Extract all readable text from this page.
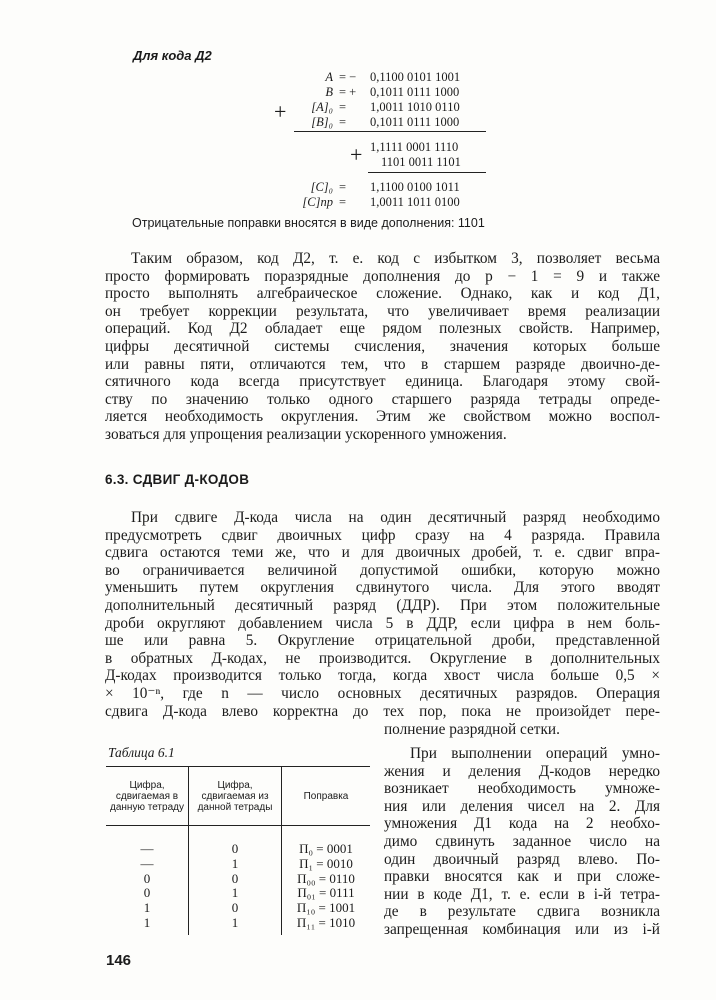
Для кода Д2
A = −	0,1100 0101 1001
B = +	0,1011 0111 1000
[A]₀ =	1,0011 1010 0110
[B]₀ =	0,1011 0111 1000
+
+ 1,1111 0001 1110
1101 0011 1101
[C]₀ =	1,1100 0100 1011
[C]пр =	1,0011 1011 0100
Отрицательные поправки вносятся в виде дополнения: 1101
Таким образом, код Д2, т. е. код с избытком 3, позволяет весьма
просто формировать поразрядные дополнения до p − 1 = 9 и также
просто выполнять алгебраическое сложение. Однако, как и код Д1,
он требует коррекции результата, что увеличивает время реализации
операций. Код Д2 обладает еще рядом полезных свойств. Например,
цифры десятичной системы счисления, значения которых больше
или равны пяти, отличаются тем, что в старшем разряде двоично-де-
сятичного кода всегда присутствует единица. Благодаря этому свой-
ству по значению только одного старшего разряда тетрады опреде-
ляется необходимость округления. Этим же свойством можно воспол-
зоваться для упрощения реализации ускоренного умножения.
6.3. СДВИГ Д-КОДОВ
При сдвиге Д-кода числа на один десятичный разряд необходимо
предусмотреть сдвиг двоичных цифр сразу на 4 разряда. Правила
сдвига остаются теми же, что и для двоичных дробей, т. е. сдвиг впра-
во ограничивается величиной допустимой ошибки, которую можно
уменьшить путем округления сдвинутого числа. Для этого вводят
дополнительный десятичный разряд (ДДР). При этом положительные
дроби округляют добавлением числа 5 в ДДР, если цифра в нем боль-
ше или равна 5. Округление отрицательной дроби, представленной
в обратных Д-кодах, не производится. Округление в дополнительных
Д-кодах производится только тогда, когда хвост числа больше 0,5 ×
× 10⁻ⁿ, где n — число основных десятичных разрядов. Операция
сдвига Д-кода влево корректна до тех пор, пока не произойдет пере-
полнение разрядной сетки.
Таблица 6.1
Цифра, сдвигаемая в данную тетраду	Цифра, сдвигаемая из данной тетрады	Поправка
—	0	П₀ = 0001
—	1	П₁ = 0010
0	0	П₀₀ = 0110
0	1	П₀₁ = 0111
1	0	П₁₀ = 1001
1	1	П₁₁ = 1010
При выполнении операций умно-
жения и деления Д-кодов нередко
возникает необходимость умноже-
ния или деления чисел на 2. Для
умножения Д1 кода на 2 необхо-
димо сдвинуть заданное число на
один двоичный разряд влево. По-
правки вносятся как и при сложе-
нии в коде Д1, т. е. если в i-й тетра-
де в результате сдвига возникла
запрещенная комбинация или из i-й
146
